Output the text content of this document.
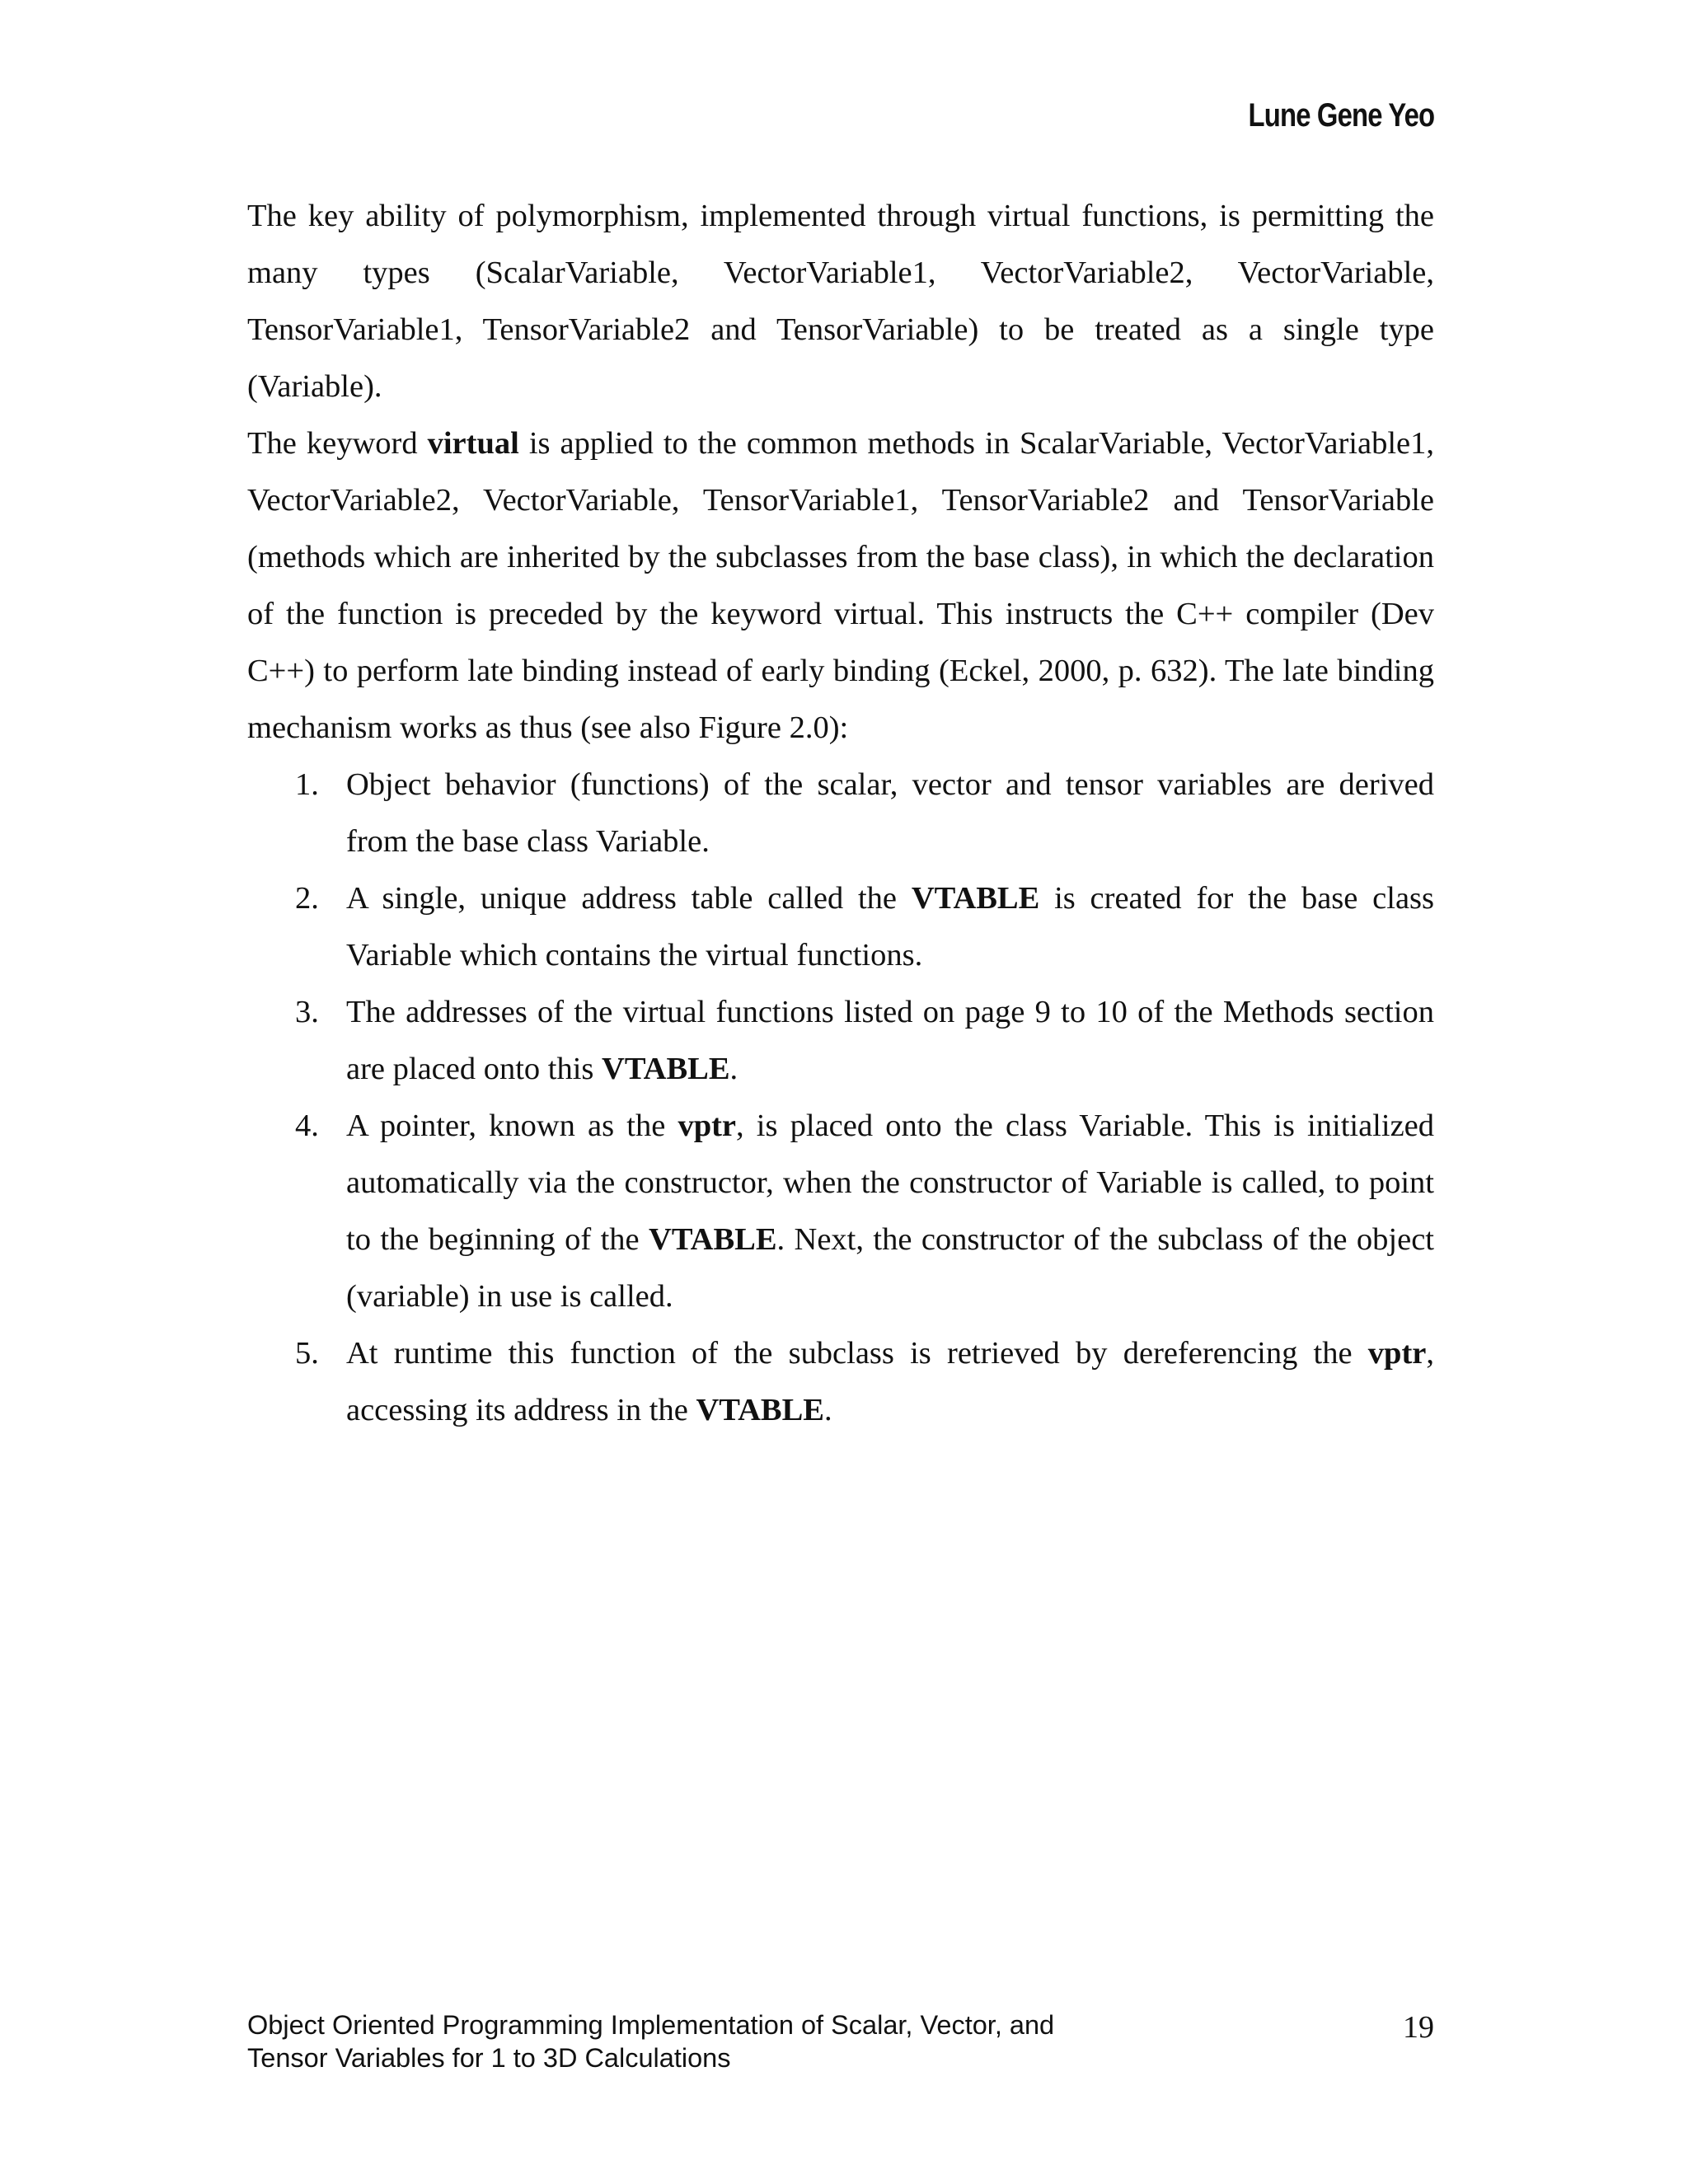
Lune Gene Yeo

The key ability of polymorphism, implemented through virtual functions, is permitting the many types (ScalarVariable, VectorVariable1, VectorVariable2, VectorVariable, TensorVariable1, TensorVariable2 and TensorVariable) to be treated as a single type (Variable).

The keyword virtual is applied to the common methods in ScalarVariable, VectorVariable1, VectorVariable2, VectorVariable, TensorVariable1, TensorVariable2 and TensorVariable (methods which are inherited by the subclasses from the base class), in which the declaration of the function is preceded by the keyword virtual. This instructs the C++ compiler (Dev C++) to perform late binding instead of early binding (Eckel, 2000, p. 632). The late binding mechanism works as thus (see also Figure 2.0):

1. Object behavior (functions) of the scalar, vector and tensor variables are derived from the base class Variable.
2. A single, unique address table called the VTABLE is created for the base class Variable which contains the virtual functions.
3. The addresses of the virtual functions listed on page 9 to 10 of the Methods section are placed onto this VTABLE.
4. A pointer, known as the vptr, is placed onto the class Variable. This is initialized automatically via the constructor, when the constructor of Variable is called, to point to the beginning of the VTABLE. Next, the constructor of the subclass of the object (variable) in use is called.
5. At runtime this function of the subclass is retrieved by dereferencing the vptr, accessing its address in the VTABLE.
Object Oriented Programming Implementation of Scalar, Vector, and
Tensor Variables for 1 to 3D Calculations
19
